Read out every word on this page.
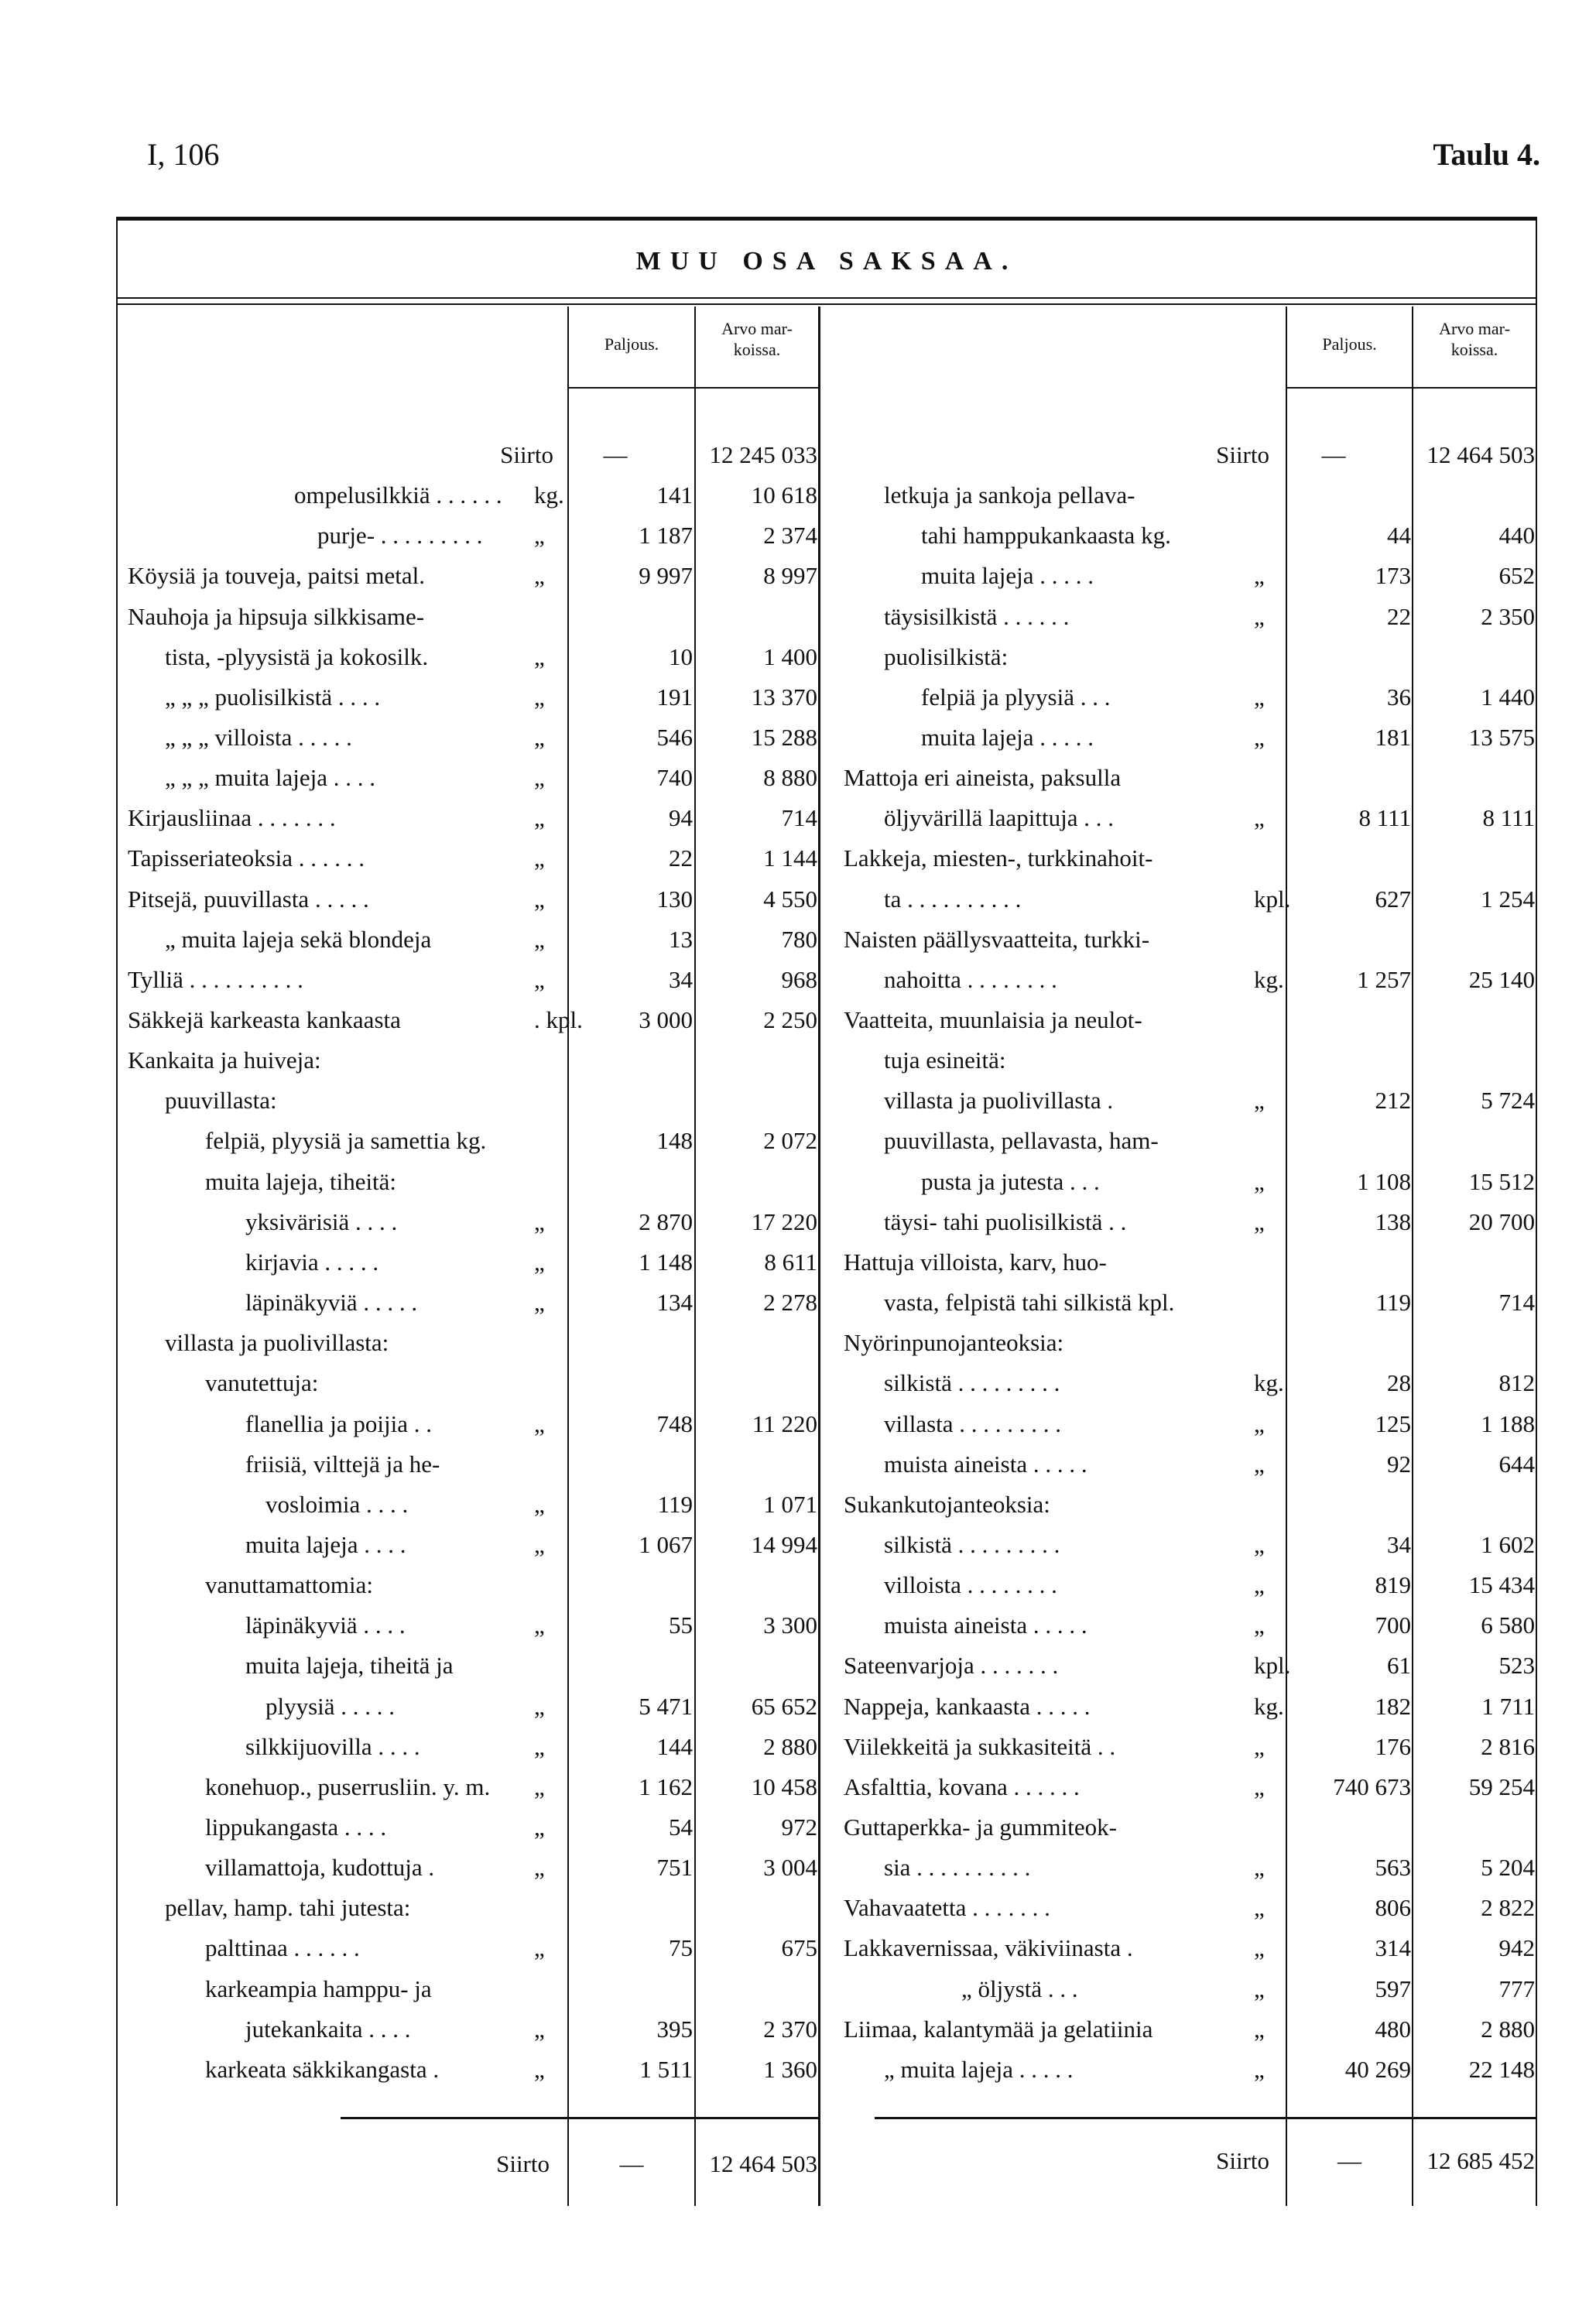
I, 106	Taulu 4.
MUU OSA SAKSAA.
Paljous.
Arvo mar-
koissa.	Paljous.
Arvo mar-
koissa.
Siirto	—	12 245 033	Siirto	—	12 464 503
ompelusilkkiä . . . . . . kg.	141	10 618
purje- . . . . . . . . . „	1 187	2 374
Köysiä ja touveja, paitsi metal.	„	9 997	8 997
Nauhoja ja hipsuja silkkisame-
tista, -plyysistä ja kokosilk.	„	10	1 400
„ „ „ puolisilkistä . . . .	„	191	13 370
„ „ „ villoista . . . . .	„	546	15 288
„ „ „ muita lajeja . . . .	„	740	8 880
Kirjausliinaa . . . . . . .	„	94	714
Tapisseriateoksia . . . . . .	„	22	1 144
Pitsejä, puuvillasta . . . . .	„	130	4 550
„ muita lajeja sekä blondeja	„	13	780
Tylliä . . . . . . . . . .	„	34	968
Säkkejä karkeasta kankaasta	. kpl.	3 000	2 250
Kankaita ja huiveja:
puuvillasta:
felpiä, plyysiä ja samettia kg.	148	2 072
muita lajeja, tiheitä:
yksivärisiä . . . .	„	2 870	17 220
kirjavia . . . . .	„	1 148	8 611
läpinäkyviä . . . . .	„	134	2 278
villasta ja puolivillasta:
vanutettuja:
flanellia ja poijia . .	„	748	11 220
friisiä, vilttejä ja he-
vosloimia . . . .	„	119	1 071
muita lajeja . . . .	„	1 067	14 994
vanuttamattomia:
läpinäkyviä . . . .	„	55	3 300
muita lajeja, tiheitä ja
plyysiä . . . . .	„	5 471	65 652
silkkijuovilla . . . .	„	144	2 880
konehuop., puserrusliin. y. m. „	1 162	10 458
lippukangasta . . . .	„	54	972
villamattoja, kudottuja .	„	751	3 004
pellav, hamp. tahi jutesta:
palttinaa . . . . . .	„	75	675
karkeampia hamppu- ja
jutekankaita . . . .	„	395	2 370
karkeata säkkikangasta .	„	1 511	1 360
letkuja ja sankoja pellava-
tahi hamppukankaasta kg.	44	440
muita lajeja . . . . .	„	173	652
täysisilkistä . . . . . .	„	22	2 350
puolisilkistä:
felpiä ja plyysiä . . .	„	36	1 440
muita lajeja . . . . .	„	181	13 575
Mattoja eri aineista, paksulla
öljyvärillä laapittuja . . .	„	8 111	8 111
Lakkeja, miesten-, turkkinahoit-
ta . . . . . . . . . .	kpl.	627	1 254
Naisten päällysvaatteita, turkki-
nahoitta . . . . . . . .	kg.	1 257	25 140
Vaatteita, muunlaisia ja neulot-
tuja esineitä:
villasta ja puolivillasta .	„	212	5 724
puuvillasta, pellavasta, ham-
pusta ja jutesta . . .	„	1 108	15 512
täysi- tahi puolisilkistä . .	„	138	20 700
Hattuja villoista, karv, huo-
vasta, felpistä tahi silkistä kpl.	119	714
Nyörinpunojanteoksia:
silkistä . . . . . . . . .	kg.	28	812
villasta . . . . . . . . .	„	125	1 188
muista aineista . . . . .	„	92	644
Sukankutojanteoksia:
silkistä . . . . . . . . .	„	34	1 602
villoista . . . . . . . .	„	819	15 434
muista aineista . . . . .	„	700	6 580
Sateenvarjoja . . . . . . .	kpl.	61	523
Nappeja, kankaasta . . . . .	kg.	182	1 711
Viilekkeitä ja sukkasiteitä . .	„	176	2 816
Asfalttia, kovana . . . . . .	„	740 673	59 254
Guttaperkka- ja gummiteok-
sia . . . . . . . . . .	„	563	5 204
Vahavaatetta . . . . . . .	„	806	2 822
Lakkavernissaa, väkiviinasta .	„	314	942
„ öljystä . . .	„	597	777
Liimaa, kalantymää ja gelatiinia	„	480	2 880
„ muita lajeja . . . . .	„	40 269	22 148
Siirto	—	12 464 503	Siirto	—	12 685 452
